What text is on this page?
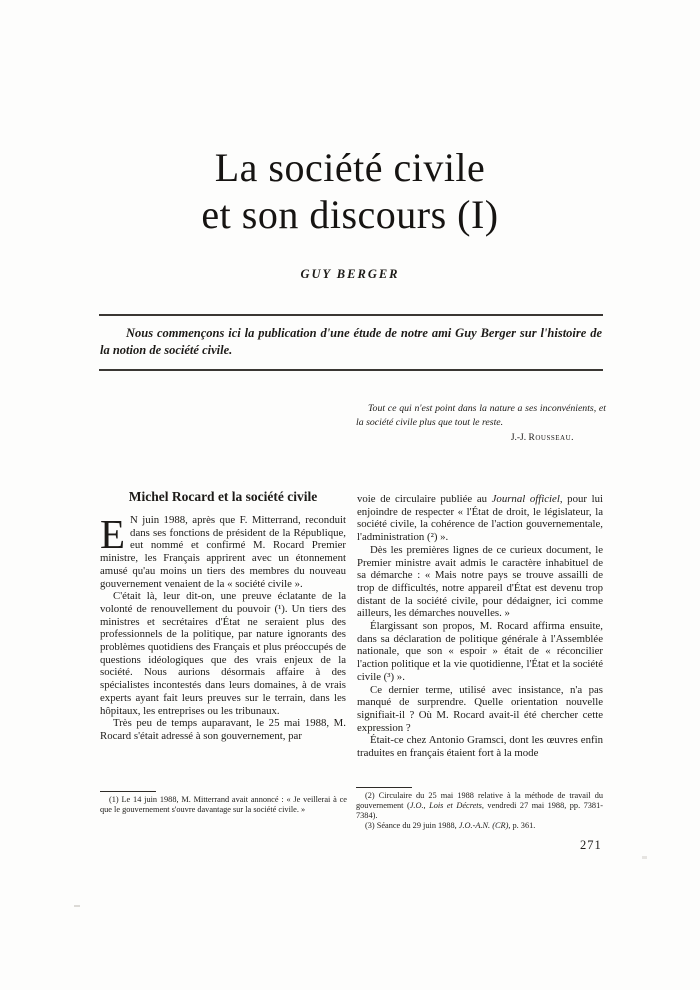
La société civile
et son discours (I)
GUY BERGER

Nous commençons ici la publication d'une étude de notre ami Guy Berger sur l'histoire de la notion de société civile.

Tout ce qui n'est point dans la nature a ses inconvénients, et la société civile plus que tout le reste.

J.-J. Rousseau.

Michel Rocard et la société civile

E N juin 1988, après que F. Mitterrand, reconduit dans ses fonctions de président de la République, eut nommé et confirmé M. Rocard Premier ministre, les Français apprirent avec un étonnement amusé qu'au moins un tiers des membres du nouveau gouvernement venaient de la « société civile ».

C'était là, leur dit-on, une preuve éclatante de la volonté de renouvellement du pouvoir (¹). Un tiers des ministres et secrétaires d'État ne seraient plus des professionnels de la politique, par nature ignorants des problèmes quotidiens des Français et plus préoccupés de questions idéologiques que des vrais enjeux de la société. Nous aurions désormais affaire à des spécialistes incontestés dans leurs domaines, à de vrais experts ayant fait leurs preuves sur le terrain, dans les hôpitaux, les entreprises ou les tribunaux.

Très peu de temps auparavant, le 25 mai 1988, M. Rocard s'était adressé à son gouvernement, par

voie de circulaire publiée au Journal officiel, pour lui enjoindre de respecter « l'État de droit, le législateur, la société civile, la cohérence de l'action gouvernementale, l'administration (²) ».

Dès les premières lignes de ce curieux document, le Premier ministre avait admis le caractère inhabituel de sa démarche : « Mais notre pays se trouve assailli de trop de difficultés, notre appareil d'État est devenu trop distant de la société civile, pour dédaigner, ici comme ailleurs, les démarches nouvelles. »

Élargissant son propos, M. Rocard affirma ensuite, dans sa déclaration de politique générale à l'Assemblée nationale, que son « espoir » était de « réconcilier l'action politique et la vie quotidienne, l'État et la société civile (³) ».

Ce dernier terme, utilisé avec insistance, n'a pas manqué de surprendre. Quelle orientation nouvelle signifiait-il ? Où M. Rocard avait-il été chercher cette expression ?

Était-ce chez Antonio Gramsci, dont les œuvres enfin traduites en français étaient fort à la mode

(1) Le 14 juin 1988, M. Mitterrand avait annoncé : « Je veillerai à ce que le gouvernement s'ouvre davantage sur la société civile. »

(2) Circulaire du 25 mai 1988 relative à la méthode de travail du gouvernement (J.O., Lois et Décrets, vendredi 27 mai 1988, pp. 7381-7384).

(3) Séance du 29 juin 1988, J.O.-A.N. (CR), p. 361.

271
